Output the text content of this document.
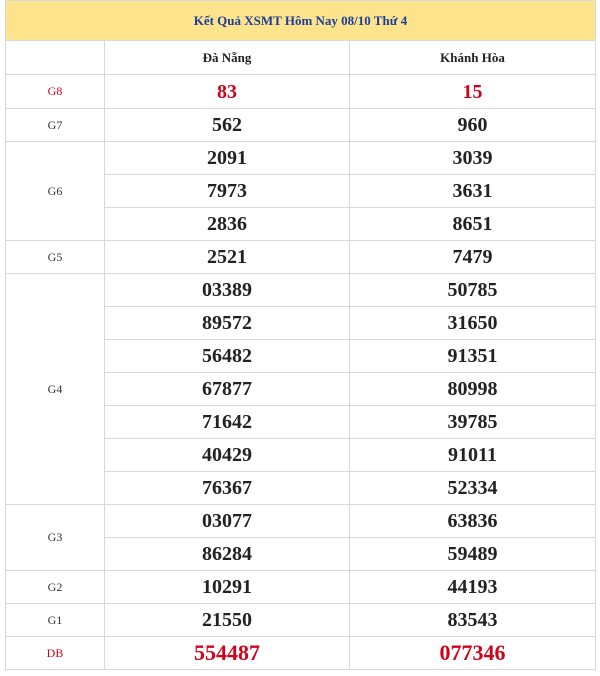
Kết Quả XSMT Hôm Nay 08/10 Thứ 4		
	Đà Nẵng	Khánh Hòa
G8	83	15
G7	562	960
G6	2091	3039
	7973	3631
	2836	8651
G5	2521	7479
G4	03389	50785
	89572	31650
	56482	91351
	67877	80998
	71642	39785
	40429	91011
	76367	52334
G3	03077	63836
	86284	59489
G2	10291	44193
G1	21550	83543
DB	554487	077346
